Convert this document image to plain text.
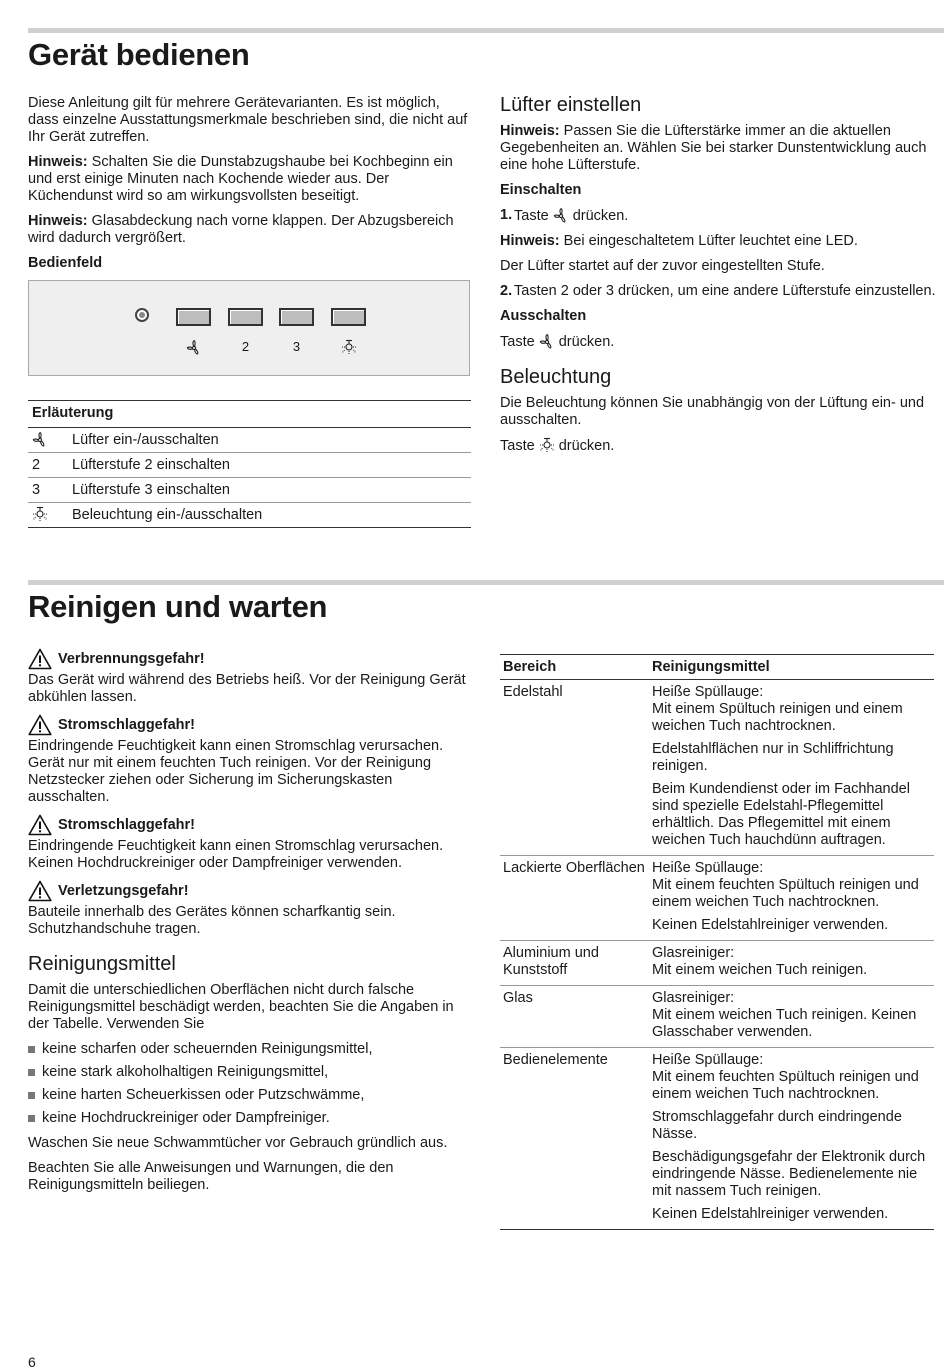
Gerät bedienen

Diese Anleitung gilt für mehrere Gerätevarianten. Es ist möglich, dass einzelne Ausstattungsmerkmale beschrieben sind, die nicht auf Ihr Gerät zutreffen.

Hinweis: Schalten Sie die Dunstabzugshaube bei Kochbeginn ein und erst einige Minuten nach Kochende wieder aus. Der Küchendunst wird so am wirkungsvollsten beseitigt.

Hinweis: Glasabdeckung nach vorne klappen. Der Abzugsbereich wird dadurch vergrößert.

Bedienfeld

2	3
Erläuterung	

	Lüfter ein-/ausschalten
2	Lüfterstufe 2 einschalten
3	Lüfterstufe 3 einschalten

	Beleuchtung ein-/ausschalten
Lüfter einstellen

Hinweis: Passen Sie die Lüfterstärke immer an die aktuellen Gegebenheiten an. Wählen Sie bei starker Dunstentwicklung auch eine hohe Lüfterstufe.

Einschalten

1. Taste
drücken.

Hinweis: Bei eingeschaltetem Lüfter leuchtet eine LED.

Der Lüfter startet auf der zuvor eingestellten Stufe.

2. Tasten 2 oder 3 drücken, um eine andere Lüfterstufe einzustellen.

Ausschalten

Taste
drücken.

Beleuchtung

Die Beleuchtung können Sie unabhängig von der Lüftung ein- und ausschalten.

Taste
drücken.

Reinigen und warten
Verbrennungsgefahr!

Das Gerät wird während des Betriebs heiß. Vor der Reinigung Gerät abkühlen lassen.

Stromschlaggefahr!

Eindringende Feuchtigkeit kann einen Stromschlag verursachen. Gerät nur mit einem feuchten Tuch reinigen. Vor der Reinigung Netzstecker ziehen oder Sicherung im Sicherungskasten ausschalten.

Stromschlaggefahr!

Eindringende Feuchtigkeit kann einen Stromschlag verursachen. Keinen Hochdruckreiniger oder Dampfreiniger verwenden.

Verletzungsgefahr!

Bauteile innerhalb des Gerätes können scharfkantig sein. Schutzhandschuhe tragen.

Reinigungsmittel

Damit die unterschiedlichen Oberflächen nicht durch falsche Reinigungsmittel beschädigt werden, beachten Sie die Angaben in der Tabelle. Verwenden Sie

keine scharfen oder scheuernden Reinigungsmittel,
keine stark alkoholhaltigen Reinigungsmittel,
keine harten Scheuerkissen oder Putzschwämme,
keine Hochdruckreiniger oder Dampfreiniger.

Waschen Sie neue Schwammtücher vor Gebrauch gründlich aus.

Beachten Sie alle Anweisungen und Warnungen, die den Reinigungsmitteln beiliegen.

Bereich	Reinigungsmittel
Edelstahl	Heiße Spüllauge:
Mit einem Spültuch reinigen und einem weichen Tuch nachtrocknen.

Edelstahlflächen nur in Schliffrichtung reinigen.

Beim Kundendienst oder im Fachhandel sind spezielle Edelstahl-Pflegemittel erhältlich. Das Pflegemittel mit einem weichen Tuch hauchdünn auftragen.

Lackierte Oberflächen	Heiße Spüllauge:
Mit einem feuchten Spültuch reinigen und einem weichen Tuch nachtrocknen.

Keinen Edelstahlreiniger verwenden.

Aluminium und Kunststoff	Glasreiniger:
Mit einem weichen Tuch reinigen.

Glas	Glasreiniger:
Mit einem weichen Tuch reinigen. Keinen Glasschaber verwenden.

Bedienelemente	Heiße Spüllauge:
Mit einem feuchten Spültuch reinigen und einem weichen Tuch nachtrocknen.

Stromschlaggefahr durch eindringende Nässe.

Beschädigungsgefahr der Elektronik durch eindringende Nässe. Bedienelemente nie mit nassem Tuch reinigen.

Keinen Edelstahlreiniger verwenden.

6
